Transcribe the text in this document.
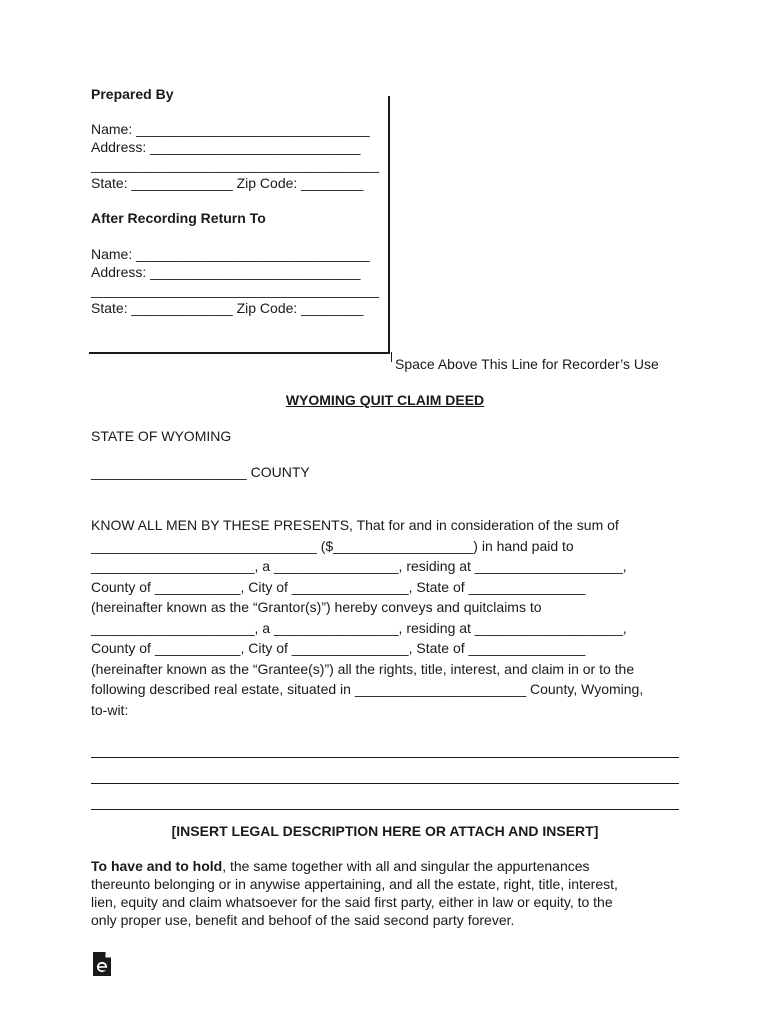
Prepared By
Name: ______________________________
Address: ___________________________
_____________________________________
State: _____________ Zip Code: ________
After Recording Return To
Name: ______________________________
Address: ___________________________
_____________________________________
State: _____________ Zip Code: ________
Space Above This Line for Recorder’s Use
WYOMING QUIT CLAIM DEED
STATE OF WYOMING
____________________ COUNTY
KNOW ALL MEN BY THESE PRESENTS, That for and in consideration of the sum of
_____________________________ ($__________________) in hand paid to
_____________________, a ________________, residing at ___________________,
County of ___________, City of _______________, State of _______________
(hereinafter known as the “Grantor(s)”) hereby conveys and quitclaims to
_____________________, a ________________, residing at ___________________,
County of ___________, City of _______________, State of _______________
(hereinafter known as the “Grantee(s)”) all the rights, title, interest, and claim in or to the
following described real estate, situated in ______________________ County, Wyoming,
to-wit:
[INSERT LEGAL DESCRIPTION HERE OR ATTACH AND INSERT]
To have and to hold, the same together with all and singular the appurtenances
thereunto belonging or in anywise appertaining, and all the estate, right, title, interest,
lien, equity and claim whatsoever for the said first party, either in law or equity, to the
only proper use, benefit and behoof of the said second party forever.
